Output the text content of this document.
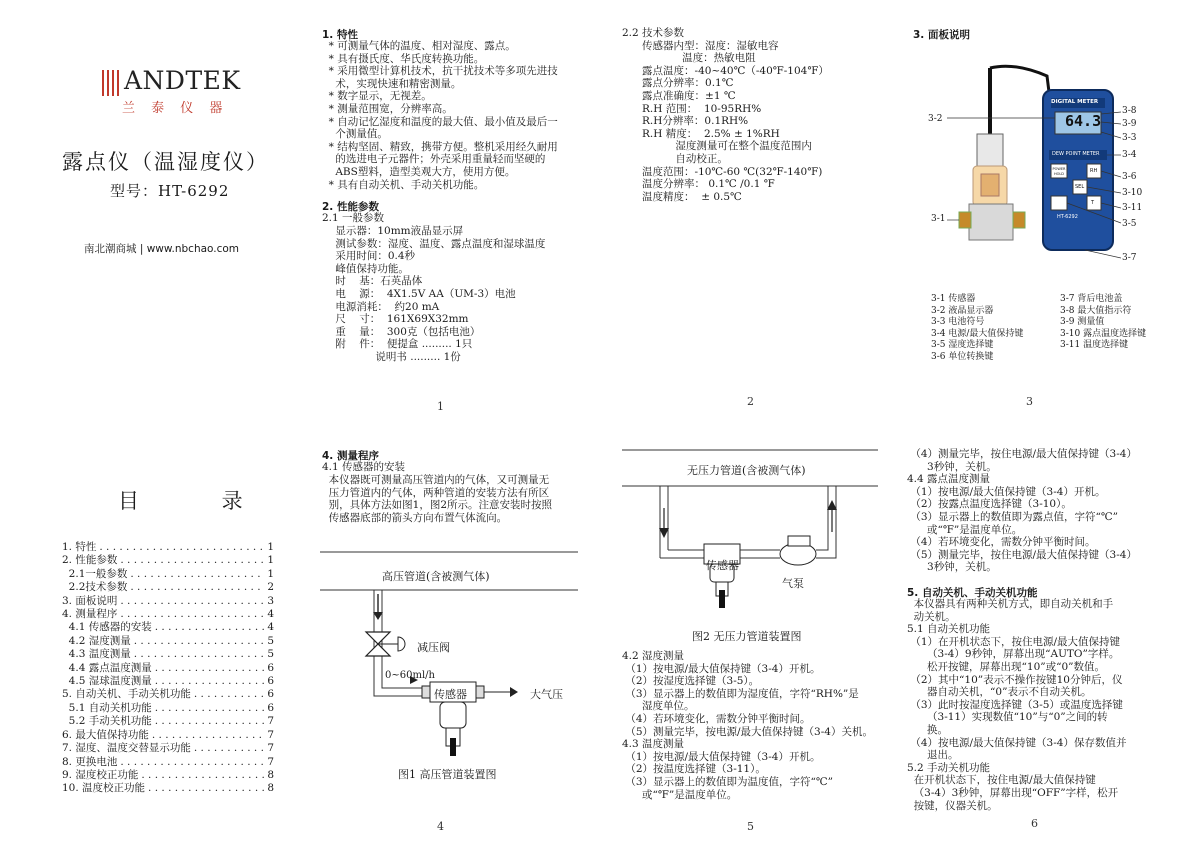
ANDTEK
兰 泰 仪 器
露点仪（温湿度仪）
型号：HT-6292
南北潮商城 | www.nbchao.com
1. 特性
* 可测量气体的温度、相对湿度、露点。
* 具有摄氏度、华氏度转换功能。
* 采用微型计算机技术，抗干扰技术等多项先进技
术，实现快速和精密测量。
* 数字显示，无视差。
* 测量范围宽，分辨率高。
* 自动记忆湿度和温度的最大值、最小值及最后一
个测量值。
* 结构坚固、精致，携带方便。整机采用经久耐用
的选进电子元器件；外壳采用重量轻而坚硬的
ABS塑料，造型美观大方，使用方便。
* 具有自动关机、手动关机功能。
2. 性能参数
2.1 一般参数
显示器：10mm液晶显示屏
测试参数：湿度、温度、露点温度和湿球温度
采用时间：0.4秒
峰值保持功能。
时    基：石英晶体
电    源：  4X1.5V AA（UM-3）电池
电源消耗：  约20 mA
尺    寸：  161X69X32mm
重    量：  300克（包括电池）
附    件：  便提盒 ......... 1只
说明书 ......... 1份
1
2.2 技术参数
传感器内型：湿度：湿敏电容
温度：热敏电阻
露点温度：-40~40℃（-40℉-104℉）
露点分辨率：0.1℃
露点准确度：±1 ℃
R.H 范围：  10-95RH%
R.H分辨率：0.1RH%
R.H 精度：  2.5% ± 1%RH
湿度测量可在整个温度范围内
自动校正。
温度范围：-10℃-60 ℃(32℉-140℉)
温度分辨率： 0.1℃ /0.1 ℉
温度精度：  ± 0.5℃
2
3. 面板说明
DIGITAL METER
64.3
DEW POINT METER
HT-6292
POWER HOLD	RH
SEL
T
3-2
3-1
3-8
3-9
3-3
3-4
3-6
3-10
3-11
3-5
3-7
3-1 传感器
3-2 液晶显示器
3-3 电池符号
3-4 电源/最大值保持键
3-5 湿度选择键
3-6 单位转换键
3-7 背后电池盖
3-8 最大值指示符
3-9 测量值
3-10 露点温度选择键
3-11 温度选择键
3
目 录
1. 特性 . . .	1
2. 性能参数 . . .	1
2.1一般参数 . . .	1
2.2技术参数 . . .	2
3. 面板说明 . . .	3
4. 测量程序 . . .	4
4.1 传感器的安装 . . .	4
4.2 湿度测量 . . .	5
4.3 温度测量 . . .	5
4.4 露点温度测量 . . .	6
4.5 湿球温度测量 . . .	6
5. 自动关机、手动关机功能 . . .	6
5.1 自动关机功能 . . .	6
5.2 手动关机功能 . . .	7
6. 最大值保持功能 . . .	7
7. 湿度、温度交替显示功能 . . .	7
8. 更换电池 . . .	7
9. 湿度校正功能 . . .	8
10. 温度校正功能 . . .	8
4. 测量程序
4.1 传感器的安装
本仪器既可测量高压管道内的气体，又可测量无
压力管道内的气体，两种管道的安装方法有所区
别，具体方法如图1，图2所示。注意安装时按照
传感器底部的箭头方向布置气体流向。
高压管道(含被测气体)
减压阀
0~60ml/h
传感器	大气压
图1 高压管道装置图
4
无压力管道(含被测气体)
传感器
气泵
图2 无压力管道装置图
4.2 湿度测量
（1）按电源/最大值保持键（3-4）开机。
（2）按湿度选择键（3-5）。
（3）显示器上的数值即为湿度值，字符“RH%”是
湿度单位。
（4）若环境变化，需数分钟平衡时间。
（5）测量完毕，按电源/最大值保持键（3-4）关机。
4.3 温度测量
（1）按电源/最大值保持键（3-4）开机。
（2）按温度选择键（3-11）。
（3）显示器上的数值即为温度值，字符“℃”
或“℉”是温度单位。
5
（4）测量完毕，按住电源/最大值保持键（3-4）
3秒钟，关机。
4.4 露点温度测量
（1）按电源/最大值保持键（3-4）开机。
（2）按露点温度选择键（3-10）。
（3）显示器上的数值即为露点值，字符“℃”
或“℉”是温度单位。
（4）若环境变化，需数分钟平衡时间。
（5）测量完毕，按住电源/最大值保持键（3-4）
3秒钟，关机。
5. 自动关机、手动关机功能
本仪器具有两种关机方式，即自动关机和手
动关机。
5.1 自动关机功能
（1）在开机状态下，按住电源/最大值保持键
（3-4）9秒钟，屏幕出现“AUTO”字样。
松开按键，屏幕出现“10”或“0”数值。
（2）其中“10”表示不操作按键10分钟后，仪
器自动关机，“0”表示不自动关机。
（3）此时按湿度选择键（3-5）或温度选择键
（3-11）实现数值“10”与“0”之间的转
换。
（4）按电源/最大值保持键（3-4）保存数值并
退出。
5.2 手动关机功能
在开机状态下，按住电源/最大值保持键
（3-4）3秒钟，屏幕出现“OFF”字样，松开
按键，仪器关机。
6
